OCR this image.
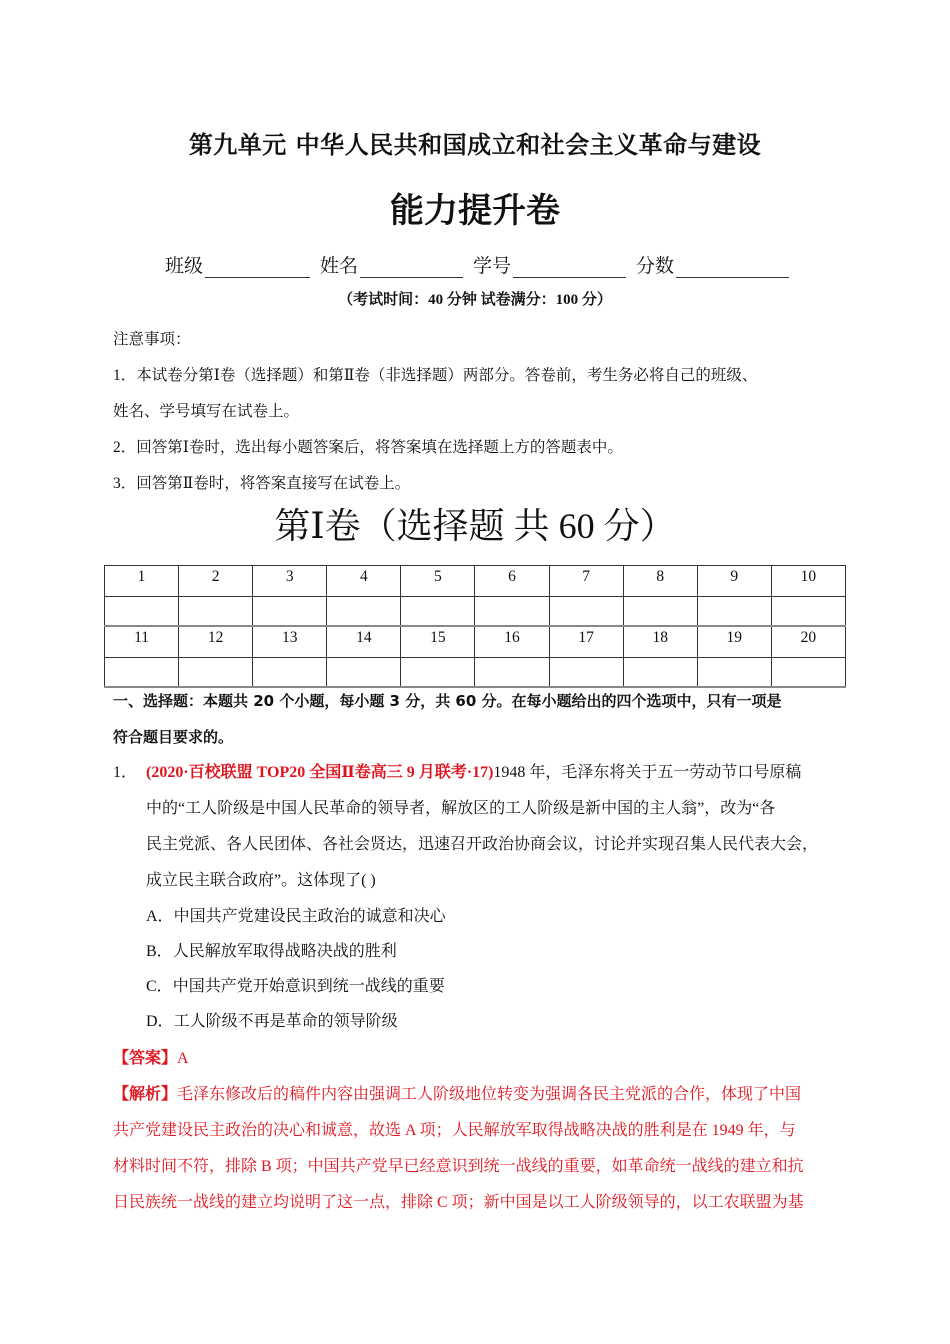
第九单元 中华人民共和国成立和社会主义革命与建设
能力提升卷
班级	姓名	学号	分数
（考试时间：40 分钟 试卷满分：100 分）
注意事项：
1．本试卷分第Ⅰ卷（选择题）和第Ⅱ卷（非选择题）两部分。答卷前，考生务必将自己的班级、
姓名、学号填写在试卷上。
2．回答第Ⅰ卷时，选出每小题答案后，将答案填在选择题上方的答题表中。
3．回答第Ⅱ卷时，将答案直接写在试卷上。
第Ⅰ卷（选择题 共 60 分）
1	2	3	4	5	6	7	8	9	10

11	12	13	14	15	16	17	18	19	20

一、选择题：本题共 20 个小题，每小题 3 分，共 60 分。在每小题给出的四个选项中，只有一项是
符合题目要求的。
1． (2020·百校联盟 TOP20 全国Ⅱ卷高三 9 月联考·17)1948 年，毛泽东将关于五一劳动节口号原稿
中的“工人阶级是中国人民革命的领导者，解放区的工人阶级是新中国的主人翁”，改为“各
民主党派、各人民团体、各社会贤达，迅速召开政治协商会议，讨论并实现召集人民代表大会，
成立民主联合政府”。这体现了( )
A．中国共产党建设民主政治的诚意和决心
B．人民解放军取得战略决战的胜利
C．中国共产党开始意识到统一战线的重要
D．工人阶级不再是革命的领导阶级
【答案】A
【解析】毛泽东修改后的稿件内容由强调工人阶级地位转变为强调各民主党派的合作，体现了中国
共产党建设民主政治的决心和诚意，故选 A 项；人民解放军取得战略决战的胜利是在 1949 年，与
材料时间不符，排除 B 项；中国共产党早已经意识到统一战线的重要，如革命统一战线的建立和抗
日民族统一战线的建立均说明了这一点，排除 C 项；新中国是以工人阶级领导的，以工农联盟为基
